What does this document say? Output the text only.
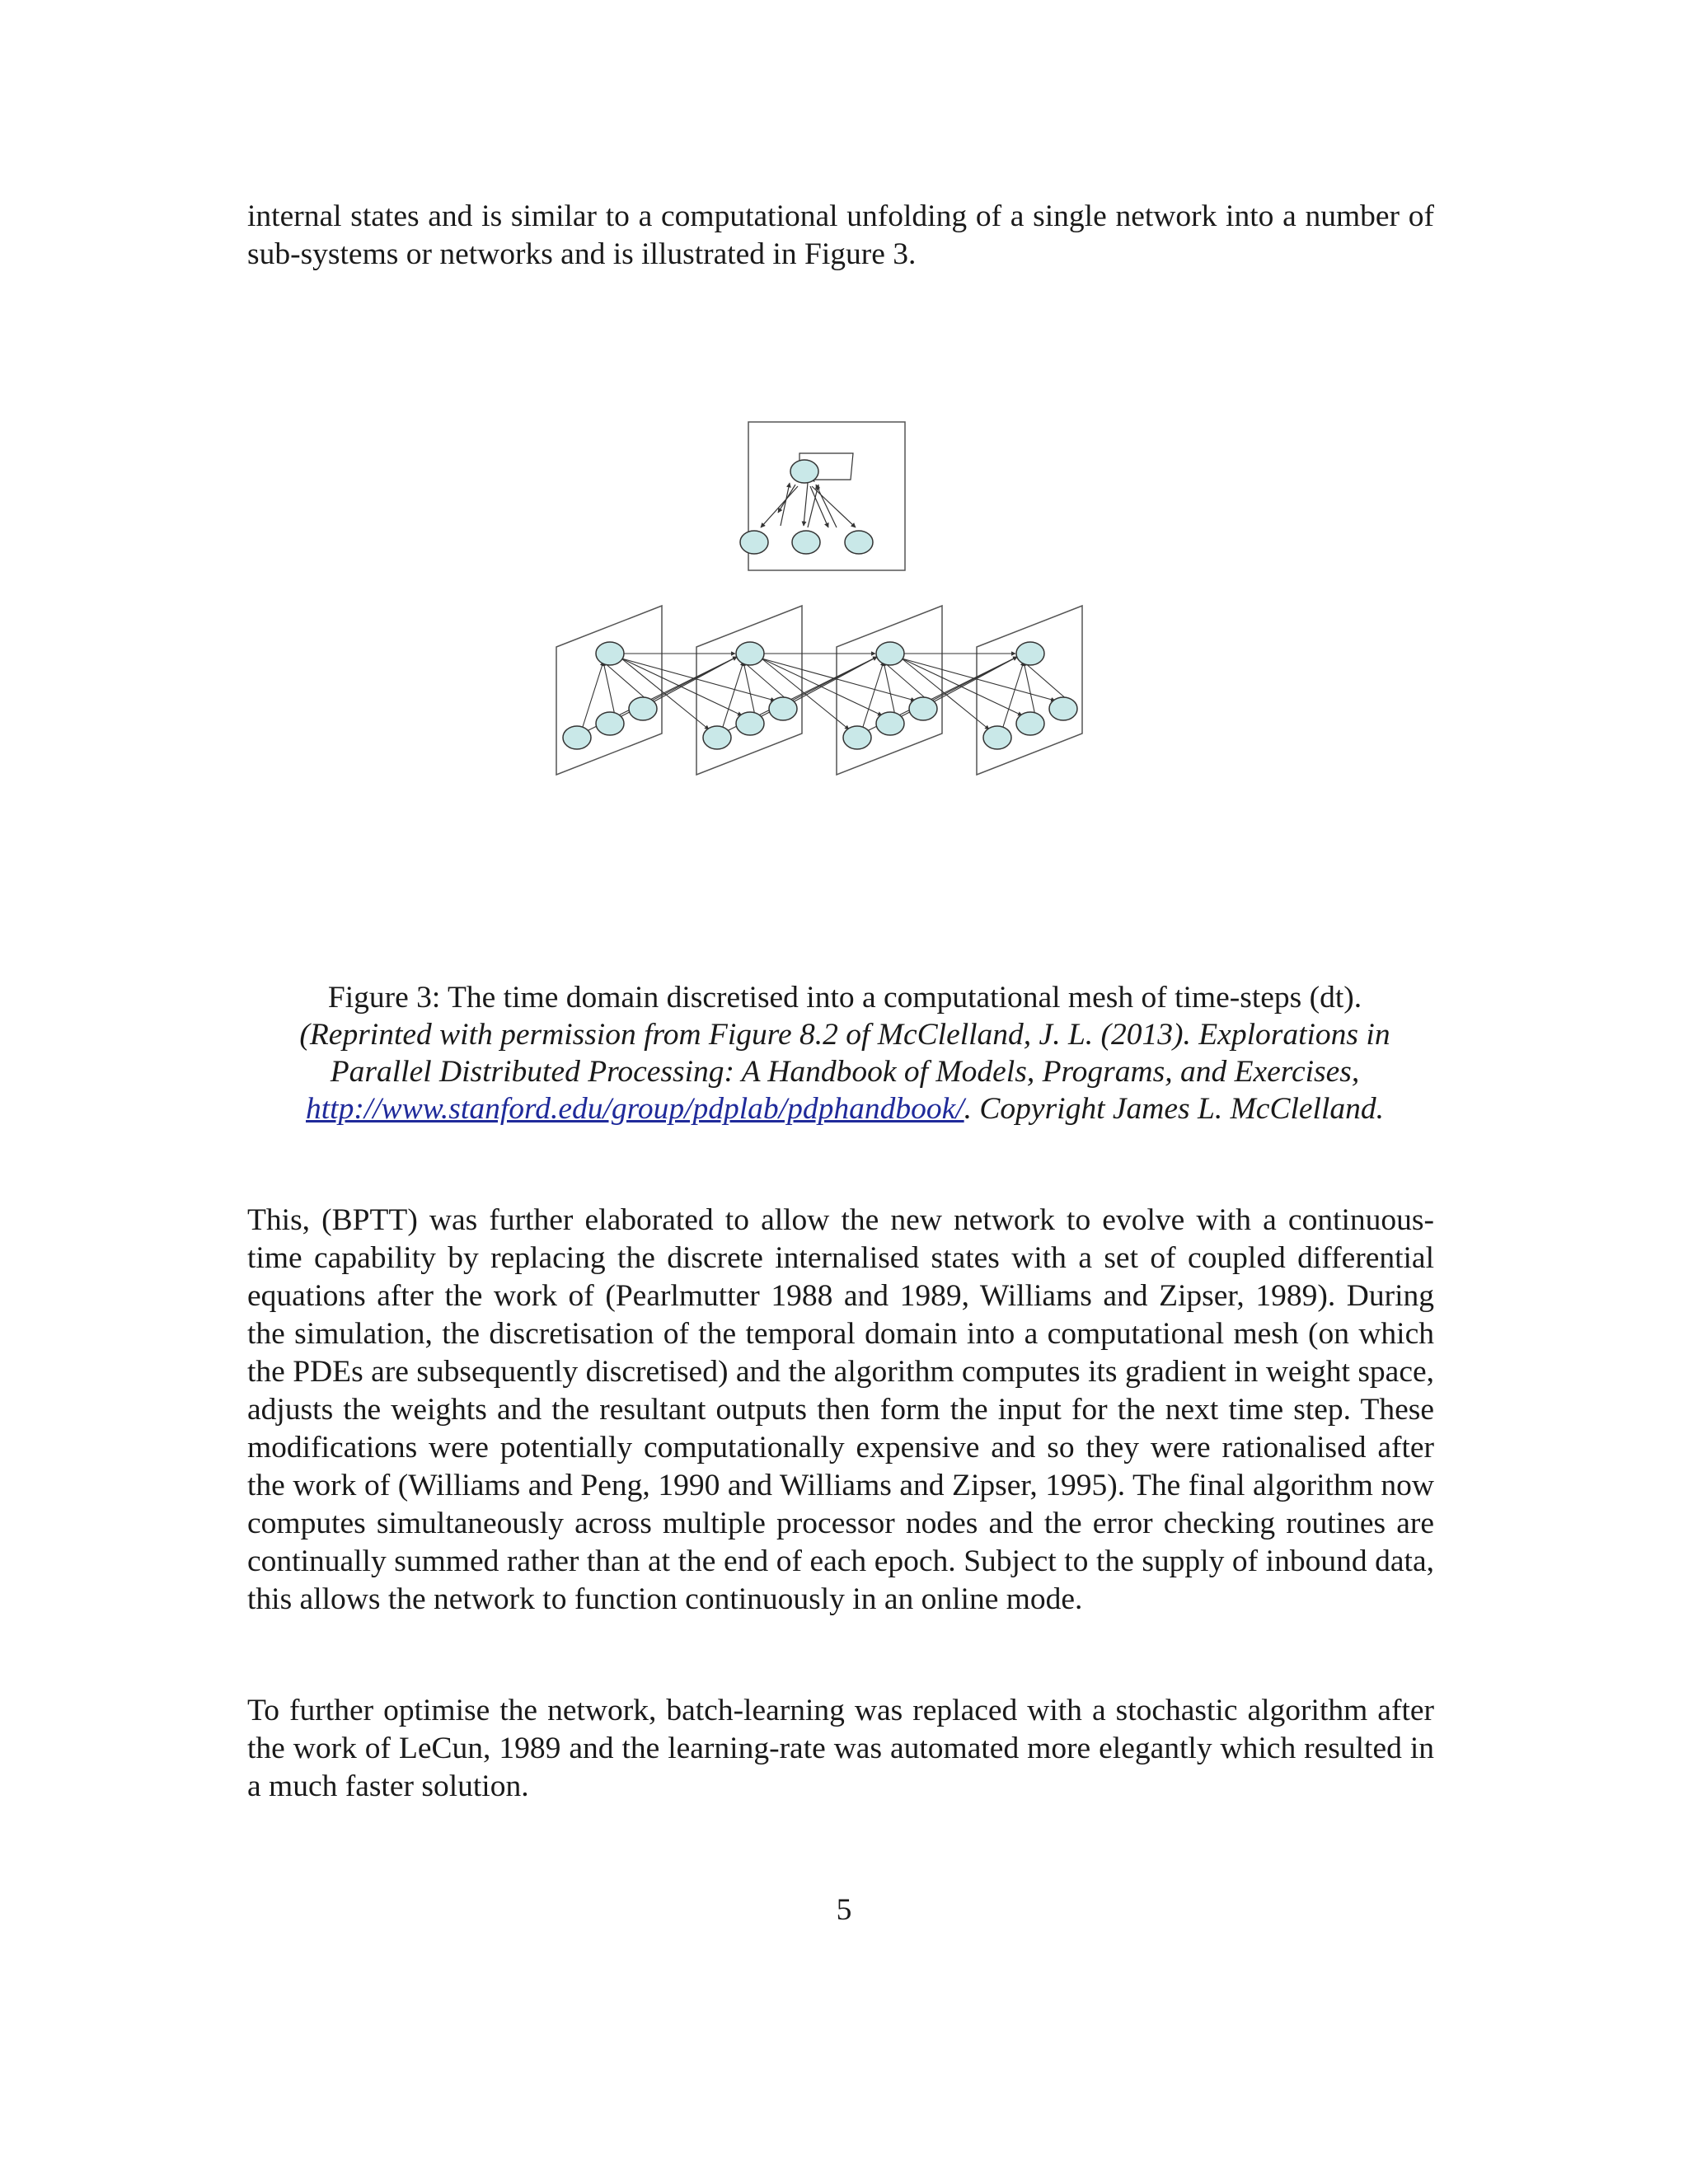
internal states and is similar to a computational unfolding of a single network into a number of sub-systems or networks and is illustrated in Figure 3.

Figure 3: The time domain discretised into a computational mesh of time-steps (dt).
(Reprinted with permission from Figure 8.2 of McClelland, J. L. (2013). Explorations in
Parallel Distributed Processing: A Handbook of Models, Programs, and Exercises,
http://www.stanford.edu/group/pdplab/pdphandbook/. Copyright James L. McClelland.

This, (BPTT) was further elaborated to allow the new network to evolve with a continuous-time capability by replacing the discrete internalised states with a set of coupled differential equations after the work of (Pearlmutter 1988 and 1989, Williams and Zipser, 1989). During the simulation, the discretisation of the temporal domain into a computational mesh (on which the PDEs are subsequently discretised) and the algorithm computes its gradient in weight space, adjusts the weights and the resultant outputs then form the input for the next time step. These modifications were potentially computationally expensive and so they were rationalised after the work of (Williams and Peng, 1990 and Williams and Zipser, 1995). The final algorithm now computes simultaneously across multiple processor nodes and the error checking routines are continually summed rather than at the end of each epoch. Subject to the supply of inbound data, this allows the network to function continuously in an online mode.

To further optimise the network, batch-learning was replaced with a stochastic algorithm after the work of LeCun, 1989 and the learning-rate was automated more elegantly which resulted in a much faster solution.

5
